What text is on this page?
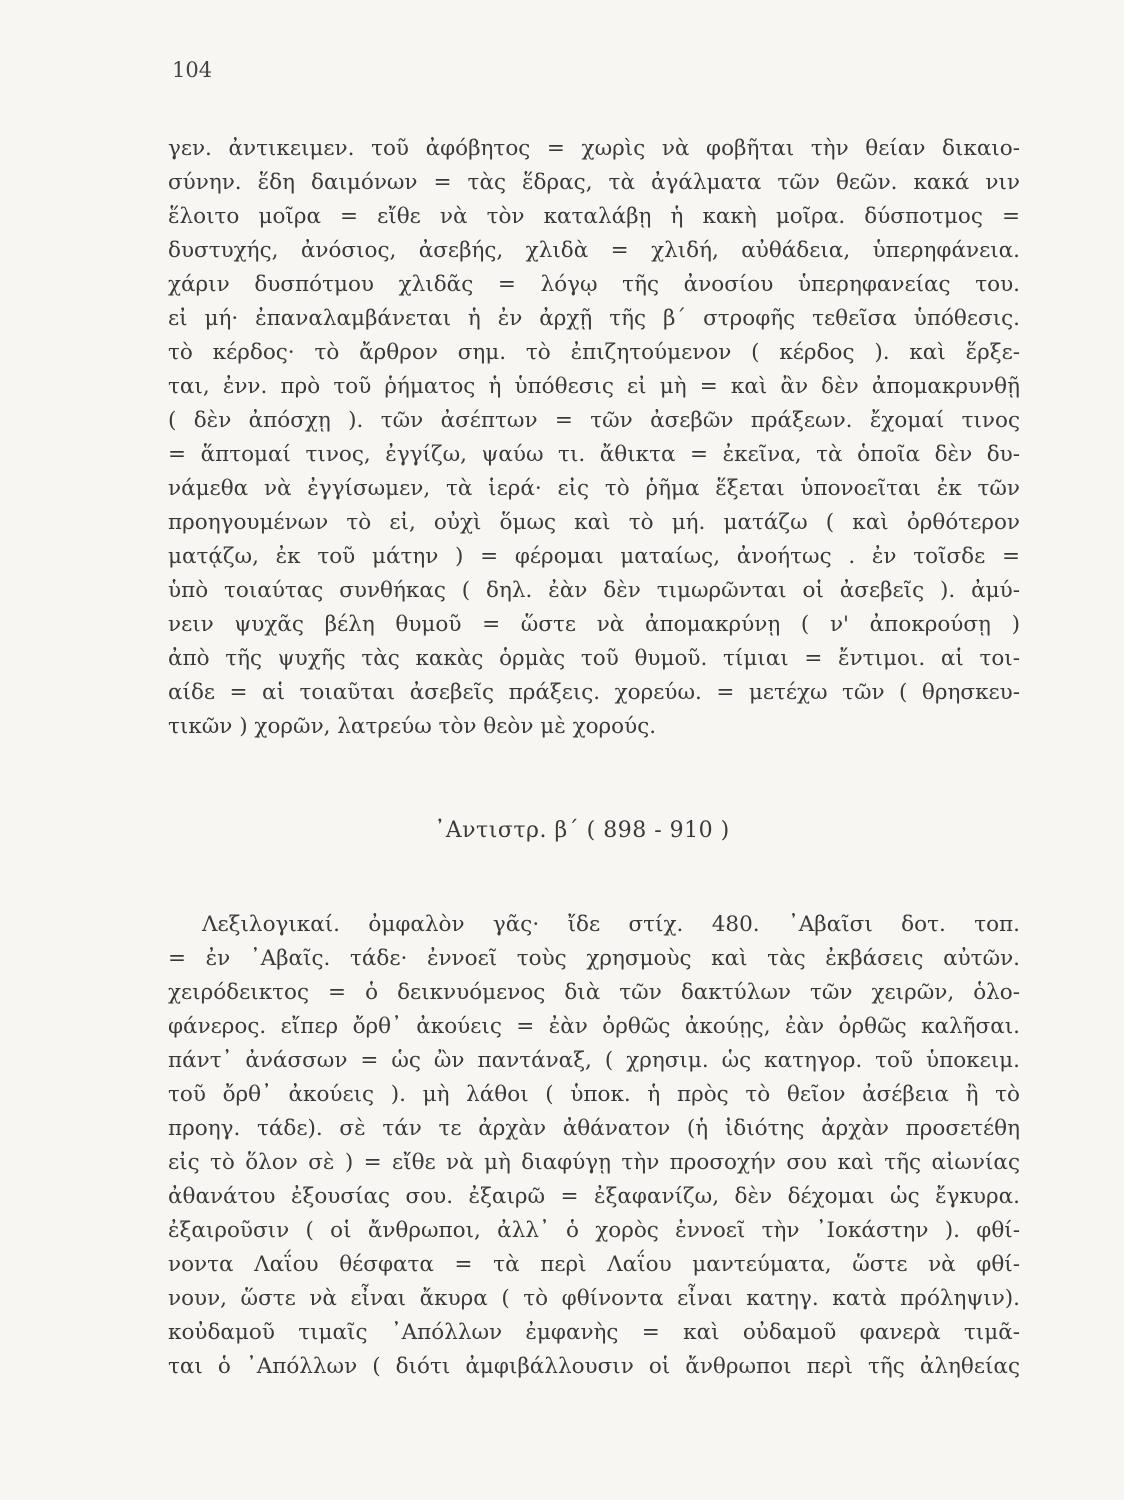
104
γεν. ἀντικειμεν. τοῦ ἀφόβητος = χωρὶς νὰ φοβῆται τὴν θείαν δικαιο-
σύνην. ἕδη δαιμόνων = τὰς ἕδρας, τὰ ἀγάλματα τῶν θεῶν. κακά νιν
ἕλοιτο μοῖρα = εἴθε νὰ τὸν καταλάβῃ ἡ κακὴ μοῖρα. δύσποτμος =
δυστυχής, ἀνόσιος, ἀσεβής, χλιδὰ = χλιδή, αὐθάδεια, ὑπερηφάνεια.
χάριν δυσπότμου χλιδᾶς = λόγῳ τῆς ἀνοσίου ὑπερηφανείας του.
εἰ μή· ἐπαναλαμβάνεται ἡ ἐν ἀρχῇ τῆς β΄ στροφῆς τεθεῖσα ὑπόθεσις.
τὸ κέρδος· τὸ ἄρθρον σημ. τὸ ἐπιζητούμενον ( κέρδος ). καὶ ἕρξε-
ται, ἐνν. πρὸ τοῦ ῥήματος ἡ ὑπόθεσις εἰ μὴ = καὶ ἂν δὲν ἀπομακρυνθῇ
( δὲν ἀπόσχῃ ). τῶν ἀσέπτων = τῶν ἀσεβῶν πράξεων. ἔχομαί τινος
= ἅπτομαί τινος, ἐγγίζω, ψαύω τι. ἄθικτα = ἐκεῖνα, τὰ ὁποῖα δὲν δυ-
νάμεθα νὰ ἐγγίσωμεν, τὰ ἱερά· εἰς τὸ ῥῆμα ἕξεται ὑπονοεῖται ἐκ τῶν
προηγουμένων τὸ εἰ, οὐχὶ ὅμως καὶ τὸ μή. ματάζω ( καὶ ὀρθότερον
ματᾴζω, ἐκ τοῦ μάτην ) = φέρομαι ματαίως, ἀνοήτως . ἐν τοῖσδε =
ὑπὸ τοιαύτας συνθήκας ( δηλ. ἐὰν δὲν τιμωρῶνται οἱ ἀσεβεῖς ). ἀμύ-
νειν ψυχᾶς βέλη θυμοῦ = ὥστε νὰ ἀπομακρύνῃ ( ν' ἀποκρούσῃ )
ἀπὸ τῆς ψυχῆς τὰς κακὰς ὁρμὰς τοῦ θυμοῦ. τίμιαι = ἔντιμοι. αἱ τοι-
αίδε = αἱ τοιαῦται ἀσεβεῖς πράξεις. χορεύω. = μετέχω τῶν ( θρησκευ-
τικῶν ) χορῶν, λατρεύω τὸν θεὸν μὲ χορούς.
᾽Αντιστρ. β΄ ( 898 - 910 )
Λεξιλογικαί. ὀμφαλὸν γᾶς· ἴδε στίχ. 480. ᾽Αβαῖσι δοτ. τοπ.
= ἐν ᾽Αβαῖς. τάδε· ἐννοεῖ τοὺς χρησμοὺς καὶ τὰς ἐκβάσεις αὐτῶν.
χειρόδεικτος = ὁ δεικνυόμενος διὰ τῶν δακτύλων τῶν χειρῶν, ὁλο-
φάνερος. εἴπερ ὄρθ᾽ ἀκούεις = ἐὰν ὀρθῶς ἀκούῃς, ἐὰν ὀρθῶς καλῆσαι.
πάντ᾽ ἀνάσσων = ὡς ὢν παντάναξ, ( χρησιμ. ὡς κατηγορ. τοῦ ὑποκειμ.
τοῦ ὄρθ᾽ ἀκούεις ). μὴ λάθοι ( ὑποκ. ἡ πρὸς τὸ θεῖον ἀσέβεια ἢ τὸ
προηγ. τάδε). σὲ τάν τε ἀρχὰν ἀθάνατον (ἡ ἰδιότης ἀρχὰν προσετέθη
εἰς τὸ ὅλον σὲ ) = εἴθε νὰ μὴ διαφύγῃ τὴν προσοχήν σου καὶ τῆς αἰωνίας
ἀθανάτου ἐξουσίας σου. ἐξαιρῶ = ἐξαφανίζω, δὲν δέχομαι ὡς ἔγκυρα.
ἐξαιροῦσιν ( οἱ ἄνθρωποι, ἀλλ᾽ ὁ χορὸς ἐννοεῖ τὴν ᾽Ιοκάστην ). φθί-
νοντα Λαΐου θέσφατα = τὰ περὶ Λαΐου μαντεύματα, ὥστε νὰ φθί-
νουν, ὥστε νὰ εἶναι ἄκυρα ( τὸ φθίνοντα εἶναι κατηγ. κατὰ πρόληψιν).
κοὐδαμοῦ τιμαῖς ᾽Απόλλων ἐμφανὴς = καὶ οὐδαμοῦ φανερὰ τιμᾶ-
ται ὁ ᾽Απόλλων ( διότι ἀμφιβάλλουσιν οἱ ἄνθρωποι περὶ τῆς ἀληθείας
